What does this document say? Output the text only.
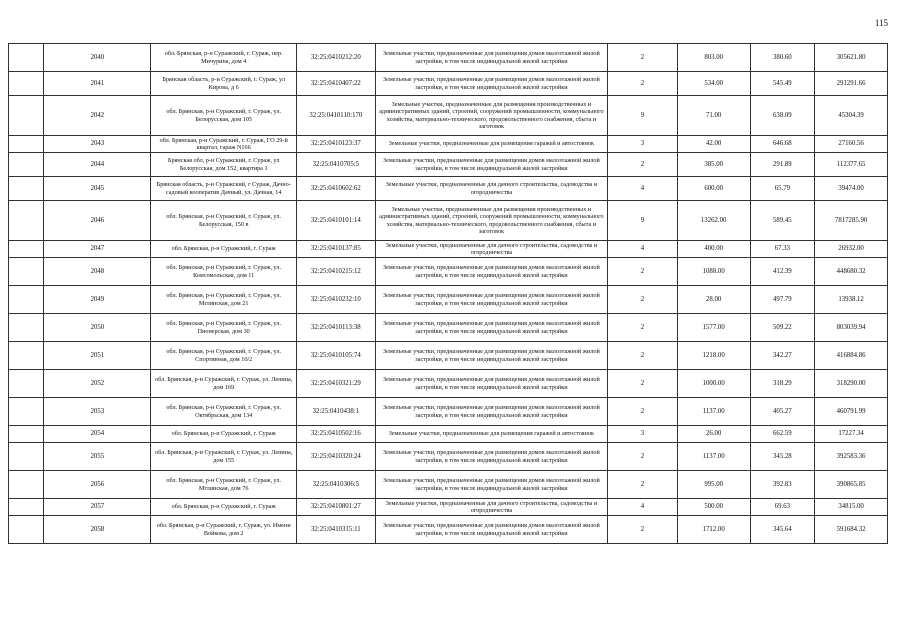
115
	2040	обл. Брянская, р-н Суражский, г. Сураж, пер. Мичурина, дом 4	32:25:0410212:20	Земельные участки, предназначенные для размещения домов малоэтажной жилой застройки, в том числе индивидуальной жилой застройки	2	803.00	380.60	305621.80
	2041	Брянская область, р-н Суражский, г. Сураж, ул Кирова, д 6	32:25:0410407:22	Земельные участки, предназначенные для размещения домов малоэтажной жилой застройки, в том числе индивидуальной жилой застройки	2	534.00	545.49	291291.66
	2042	обл. Брянская, р-н Суражский, г. Сураж, ул. Белорусская, дом 105	32:25:0410110:170	Земельные участки, предназначенные для размещения производственных и административных зданий, строений, сооружений промышленности, коммунального хозяйства, материально-технического, продовольственного снабжения, сбыта и заготовок	9	71.00	638.09	45304.39
	2043	обл. Брянская, р-н Суражский, г. Сураж, ГО 29-й квартал, гараж N166	32:25:0410123:37	Земельные участки, предназначенные для размещения гаражей и автостоянок	3	42.00	646.68	27160.56
	2044	Брянская обл, р-н Суражский, г. Сураж, ул Белорусская, дом 152, квартира 1	32:25:0410705:5	Земельные участки, предназначенные для размещения домов малоэтажной жилой застройки, в том числе индивидуальной жилой застройки	2	385.00	291.89	112377.65
	2045	Брянская область, р-н Суражский, г Сураж, Дачно-садовый кооператив Дачный, ул. Дачная, 14	32:25:0410602:62	Земельные участки, предназначенные для дачного строительства, садоводства и огородничества	4	600.00	65.79	39474.00
	2046	обл. Брянская, р-н Суражский, г. Сураж, ул. Белорусская, 150 в	32:25:0410101:14	Земельные участки, предназначенные для размещения производственных и административных зданий, строений, сооружений промышленности, коммунального хозяйства, материально-технического, продовольственного снабжения, сбыта и заготовок	9	13262.00	589.45	7817285.90
	2047	обл. Брянская, р-н Суражский, г. Сураж	32:25:0410137:85	Земельные участки, предназначенные для дачного строительства, садоводства и огородничества	4	400.00	67.33	26932.00
	2048	обл. Брянская, р-н Суражский, г. Сураж, ул. Комсомольская, дом 11	32:25:0410215:12	Земельные участки, предназначенные для размещения домов малоэтажной жилой застройки, в том числе индивидуальной жилой застройки	2	1088.00	412.39	448680.32
	2049	обл. Брянская, р-н Суражский, г. Сураж, ул. Мглинская, дом 21	32:25:0410232:10	Земельные участки, предназначенные для размещения домов малоэтажной жилой застройки, в том числе индивидуальной жилой застройки	2	28.00	497.79	13938.12
	2050	обл. Брянская, р-н Суражский, г. Сураж, ул. Пионерская, дом 30	32:25:0410113:38	Земельные участки, предназначенные для размещения домов малоэтажной жилой застройки, в том числе индивидуальной жилой застройки	2	1577.00	509.22	803039.94
	2051	обл. Брянская, р-н Суражский, г. Сураж, ул. Спортивная, дом 10/2	32:25:0410105:74	Земельные участки, предназначенные для размещения домов малоэтажной жилой застройки, в том числе индивидуальной жилой застройки	2	1218.00	342.27	416884.86
	2052	обл. Брянская, р-н Суражский, г. Сураж, ул. Ленина, дом 169	32:25:0410321:29	Земельные участки, предназначенные для размещения домов малоэтажной жилой застройки, в том числе индивидуальной жилой застройки	2	1000.00	318.29	318290.00
	2053	обл. Брянская, р-н Суражский, г. Сураж, ул. Октябрьская, дом 134	32:25:0410438:1	Земельные участки, предназначенные для размещения домов малоэтажной жилой застройки, в том числе индивидуальной жилой застройки	2	1137.00	405.27	460791.99
	2054	обл. Брянская, р-н Суражский, г. Сураж	32:25:0410502:16	Земельные участки, предназначенные для размещения гаражей и автостоянок	3	26.00	662.59	17227.34
	2055	обл. Брянская, р-н Суражский, г. Сураж, ул. Ленина, дом 155	32:25:0410320:24	Земельные участки, предназначенные для размещения домов малоэтажной жилой застройки, в том числе индивидуальной жилой застройки	2	1137.00	345.28	392583.36
	2056	обл. Брянская, р-н Суражский, г. Сураж, ул. Мглинская, дом 76	32:25:0410306:5	Земельные участки, предназначенные для размещения домов малоэтажной жилой застройки, в том числе индивидуальной жилой застройки	2	995.00	392.83	390865.85
	2057	обл. Брянская, р-н Суражский, г. Сураж	32:25:0410801:27	Земельные участки, предназначенные для дачного строительства, садоводства и огородничества	4	500.00	69.63	34815.00
	2058	обл. Брянская, р-н Суражский, г. Сураж, ул. Имени Войкова, дом 2	32:25:0410315:11	Земельные участки, предназначенные для размещения домов малоэтажной жилой застройки, в том числе индивидуальной жилой застройки	2	1712.00	345.64	591684.32
